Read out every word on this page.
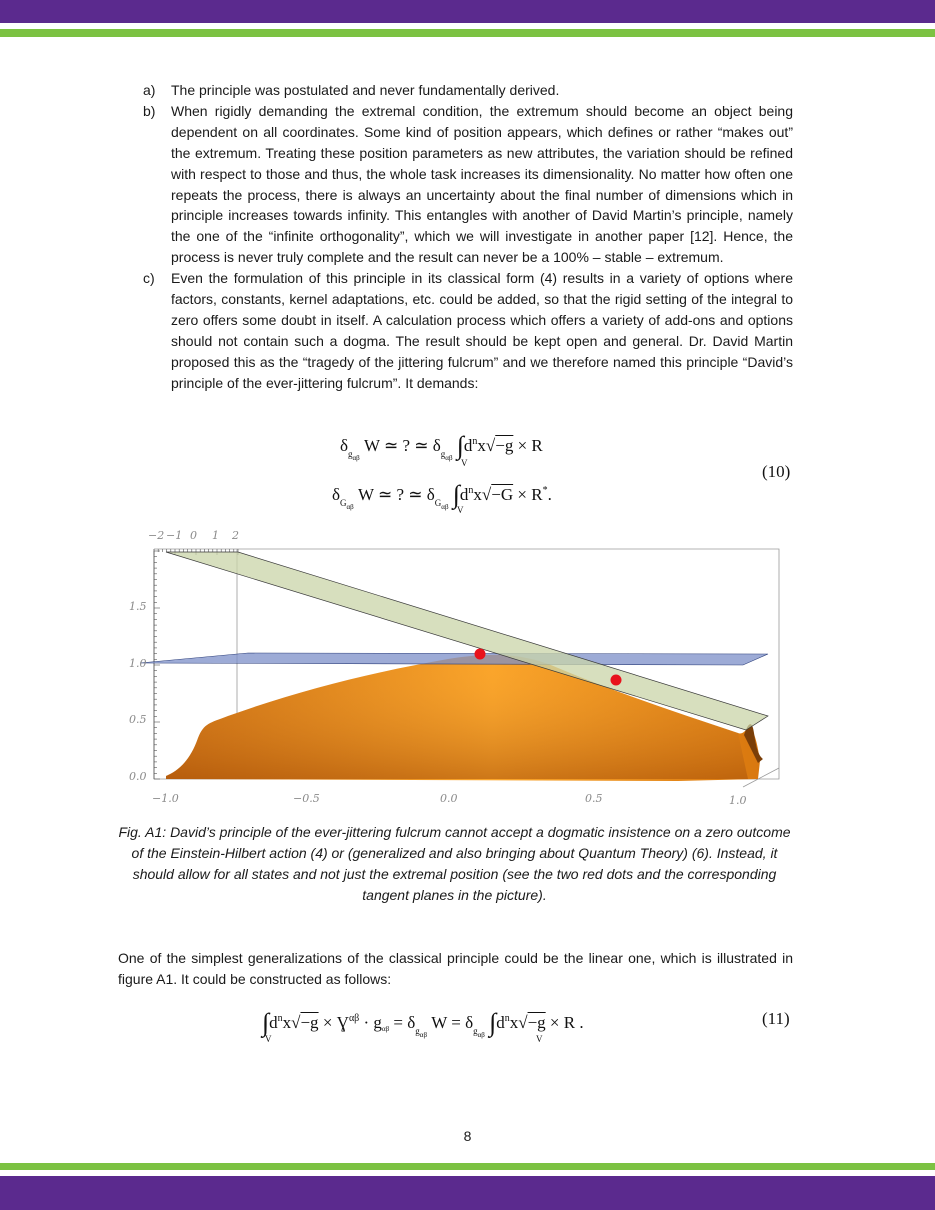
a) The principle was postulated and never fundamentally derived.
b) When rigidly demanding the extremal condition, the extremum should become an object being dependent on all coordinates. Some kind of position appears, which defines or rather “makes out” the extremum. Treating these position parameters as new attributes, the variation should be refined with respect to those and thus, the whole task increases its dimensionality. No matter how often one repeats the process, there is always an uncertainty about the final number of dimensions which in principle increases towards infinity. This entangles with another of David Martin’s principle, namely the one of the “infinite orthogonality”, which we will investigate in another paper [12]. Hence, the process is never truly complete and the result can never be a 100% – stable – extremum.
c) Even the formulation of this principle in its classical form (4) results in a variety of options where factors, constants, kernel adaptations, etc. could be added, so that the rigid setting of the integral to zero offers some doubt in itself. A calculation process which offers a variety of add-ons and options should not contain such a dogma. The result should be kept open and general. Dr. David Martin proposed this as the “tragedy of the jittering fulcrum” and we therefore named this principle “David’s principle of the ever-jittering fulcrum”. It demands:
$\delta_{g_{\alpha\beta}}$ W ≃ ? ≃ $\delta_{g_{\alpha\beta}}$ $\int d^nx√-g \times R$
V
$\delta_{G_{\alpha\beta}}$ W ≃ ? ≃ $\delta_{G_{\alpha\beta}}$ $\int d^nx√-G \times R^*$.
V
(10)
−2 −1 0 1 2
1.5
1.0
0.5
0.0
−1.0	−0.5	0.0	0.5	1.0
Fig. A1: David’s principle of the ever-jittering fulcrum cannot accept a dogmatic insistence on a zero outcome of the Einstein-Hilbert action (4) or (generalized and also bringing about Quantum Theory) (6). Instead, it should allow for all states and not just the extremal position (see the two red dots and the corresponding tangent planes in the picture).
One of the simplest generalizations of the classical principle could be the linear one, which is illustrated in figure A1. It could be constructed as follows:
$\int d^nx√-g$ × $Ɣ^{\alpha\beta} \cdot g\alpha\beta = \delta_{g_{\alpha\beta}}$ $W = \delta_{g_{\alpha\beta}}$ $\int d^nx√-g \times R$ .
V	V
(11)
8
